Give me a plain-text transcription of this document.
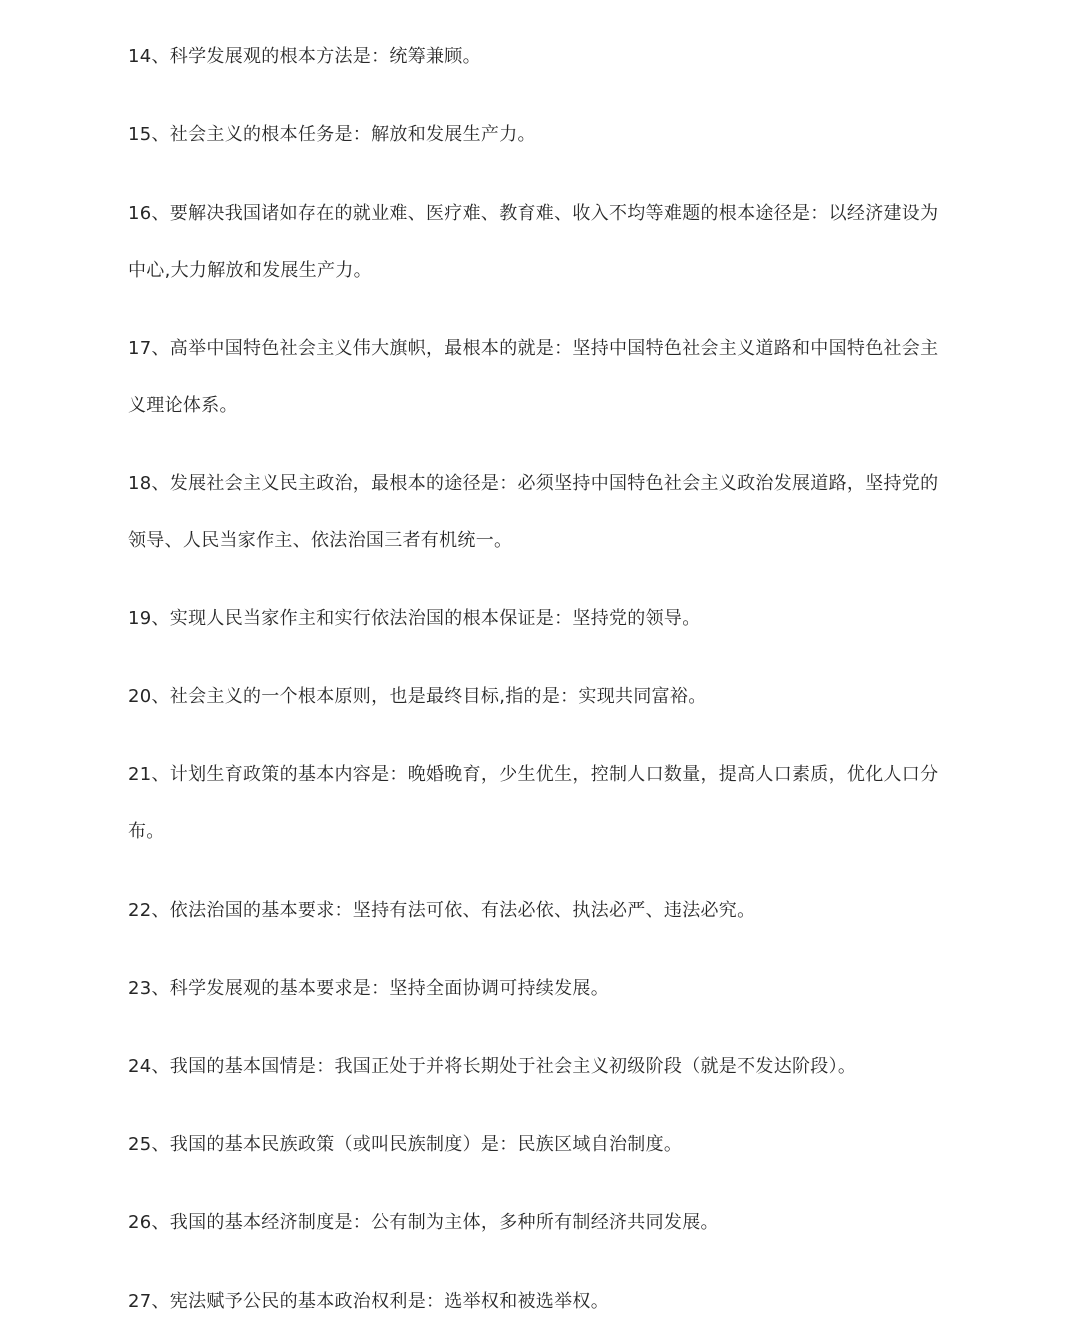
14、科学发展观的根本方法是：统筹兼顾。
15、社会主义的根本任务是：解放和发展生产力。
16、要解决我国诸如存在的就业难、医疗难、教育难、收入不均等难题的根本途径是：以经济建设为
中心,大力解放和发展生产力。
17、高举中国特色社会主义伟大旗帜，最根本的就是：坚持中国特色社会主义道路和中国特色社会主
义理论体系。
18、发展社会主义民主政治，最根本的途径是：必须坚持中国特色社会主义政治发展道路，坚持党的
领导、人民当家作主、依法治国三者有机统一。
19、实现人民当家作主和实行依法治国的根本保证是：坚持党的领导。
20、社会主义的一个根本原则，也是最终目标,指的是：实现共同富裕。
21、计划生育政策的基本内容是：晚婚晚育，少生优生，控制人口数量，提高人口素质，优化人口分
布。
22、依法治国的基本要求：坚持有法可依、有法必依、执法必严、违法必究。
23、科学发展观的基本要求是：坚持全面协调可持续发展。
24、我国的基本国情是：我国正处于并将长期处于社会主义初级阶段（就是不发达阶段）。
25、我国的基本民族政策（或叫民族制度）是：民族区域自治制度。
26、我国的基本经济制度是：公有制为主体，多种所有制经济共同发展。
27、宪法赋予公民的基本政治权利是：选举权和被选举权。
